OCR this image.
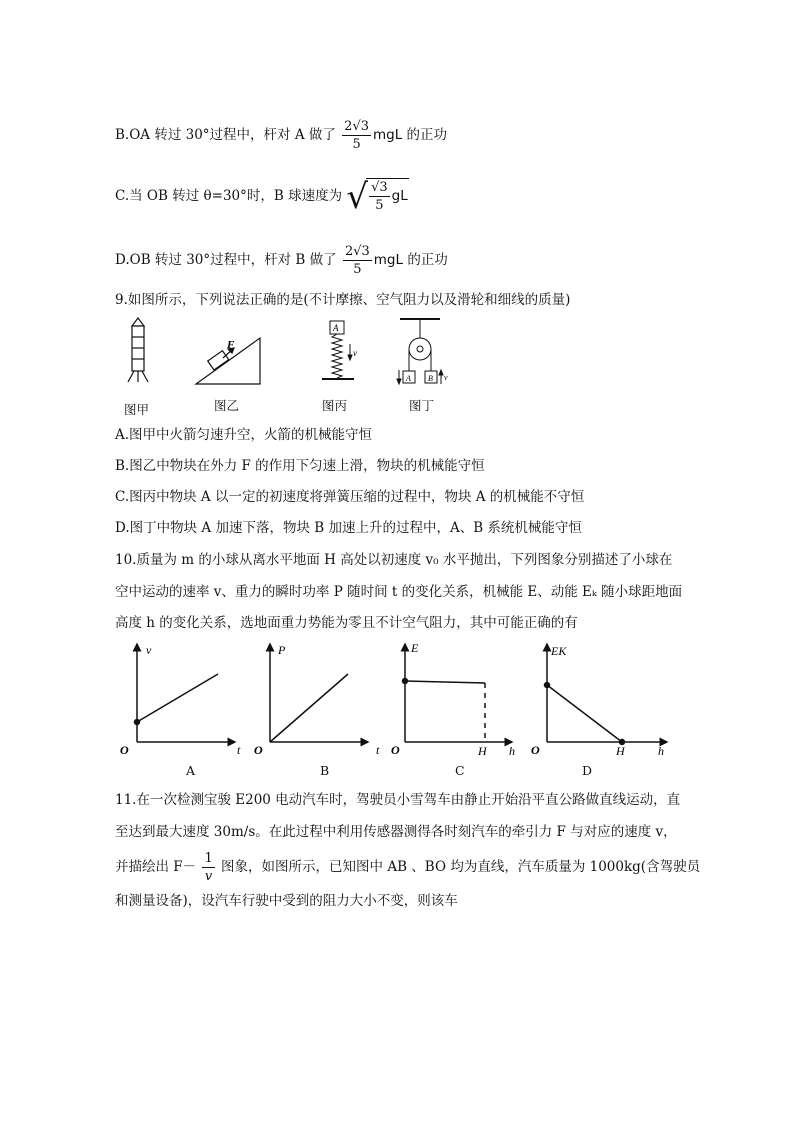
B.OA 转过 30°过程中，杆对 A 做了 $\frac{2√3}{5}$ mgL 的正功
C.当 OB 转过 θ=30°时，B 球速度为 √ $\frac{√3}{5}$ gL
D.OB 转过 30°过程中，杆对 B 做了 $\frac{2√3}{5}$ mgL 的正功
9.如图所示，下列说法正确的是(不计摩擦、空气阻力以及滑轮和细线的质量)
F
A
v
A B v
图甲	图乙	图丙	图丁
A.图甲中火箭匀速升空，火箭的机械能守恒
B.图乙中物块在外力 F 的作用下匀速上滑，物块的机械能守恒
C.图丙中物块 A 以一定的初速度将弹簧压缩的过程中，物块 A 的机械能不守恒
D.图丁中物块 A 加速下落，物块 B 加速上升的过程中，A、B 系统机械能守恒
10.质量为 m 的小球从离水平地面 H 高处以初速度 v₀ 水平抛出，下列图象分别描述了小球在
空中运动的速率 v、重力的瞬时功率 P 随时间 t 的变化关系，机械能 E、动能 Eₖ 随小球距地面
高度 h 的变化关系，选地面重力势能为零且不计空气阻力，其中可能正确的有
O
v
t O
P
t O
E
H h O
EK
H	h
A	B	C	D
11.在一次检测宝骏 E200 电动汽车时，驾驶员小雪驾车由静止开始沿平直公路做直线运动，直
至达到最大速度 30m/s。在此过程中利用传感器测得各时刻汽车的牵引力 F 与对应的速度 v，
并描绘出 $F- \frac{1}{v}$ 图象，如图所示，已知图中 AB 、BO 均为直线，汽车质量为 1000kg(含驾驶员
和测量设备)，设汽车行驶中受到的阻力大小不变，则该车
